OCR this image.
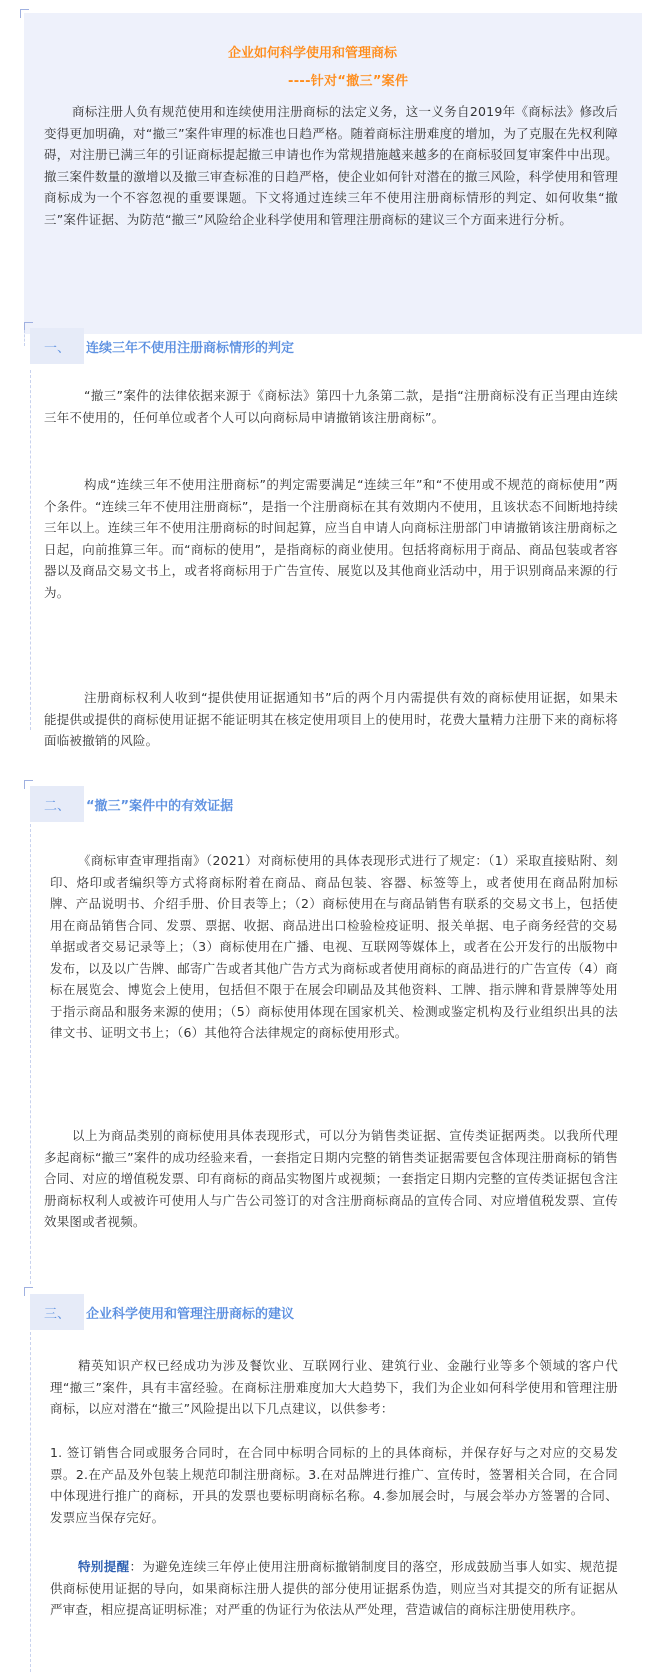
企业如何科学使用和管理商标
----针对“撤三”案件

商标注册人负有规范使用和连续使用注册商标的法定义务，这一义务自2019年《商标法》修改后变得更加明确，对“撤三”案件审理的标准也日趋严格。随着商标注册难度的增加，为了克服在先权利障碍，对注册已满三年的引证商标提起撤三申请也作为常规措施越来越多的在商标驳回复审案件中出现。撤三案件数量的激增以及撤三审查标准的日趋严格，使企业如何针对潜在的撤三风险，科学使用和管理商标成为一个不容忽视的重要课题。下文将通过连续三年不使用注册商标情形的判定、如何收集“撤三”案件证据、为防范“撤三”风险给企业科学使用和管理注册商标的建议三个方面来进行分析。

一、	连续三年不使用注册商标情形的判定

“撤三”案件的法律依据来源于《商标法》第四十九条第二款，是指“注册商标没有正当理由连续三年不使用的，任何单位或者个人可以向商标局申请撤销该注册商标”。

构成“连续三年不使用注册商标”的判定需要满足“连续三年”和“不使用或不规范的商标使用”两个条件。“连续三年不使用注册商标”，是指一个注册商标在其有效期内不使用，且该状态不间断地持续三年以上。连续三年不使用注册商标的时间起算，应当自申请人向商标注册部门申请撤销该注册商标之日起，向前推算三年。而“商标的使用”，是指商标的商业使用。包括将商标用于商品、商品包装或者容器以及商品交易文书上，或者将商标用于广告宣传、展览以及其他商业活动中，用于识别商品来源的行为。

注册商标权利人收到“提供使用证据通知书”后的两个月内需提供有效的商标使用证据，如果未能提供或提供的商标使用证据不能证明其在核定使用项目上的使用时，花费大量精力注册下来的商标将面临被撤销的风险。

二、	“撤三”案件中的有效证据

《商标审查审理指南》（2021）对商标使用的具体表现形式进行了规定：（1）采取直接贴附、刻印、烙印或者编织等方式将商标附着在商品、商品包装、容器、标签等上，或者使用在商品附加标牌、产品说明书、介绍手册、价目表等上；（2）商标使用在与商品销售有联系的交易文书上，包括使用在商品销售合同、发票、票据、收据、商品进出口检验检疫证明、报关单据、电子商务经营的交易单据或者交易记录等上；（3）商标使用在广播、电视、互联网等媒体上，或者在公开发行的出版物中发布，以及以广告牌、邮寄广告或者其他广告方式为商标或者使用商标的商品进行的广告宣传（4）商标在展览会、博览会上使用，包括但不限于在展会印刷品及其他资料、工牌、指示牌和背景牌等处用于指示商品和服务来源的使用；（5）商标使用体现在国家机关、检测或鉴定机构及行业组织出具的法律文书、证明文书上；（6）其他符合法律规定的商标使用形式。

以上为商品类别的商标使用具体表现形式，可以分为销售类证据、宣传类证据两类。以我所代理多起商标“撤三”案件的成功经验来看，一套指定日期内完整的销售类证据需要包含体现注册商标的销售合同、对应的增值税发票、印有商标的商品实物图片或视频；一套指定日期内完整的宣传类证据包含注册商标权利人或被许可使用人与广告公司签订的对含注册商标商品的宣传合同、对应增值税发票、宣传效果图或者视频。

三、	企业科学使用和管理注册商标的建议

精英知识产权已经成功为涉及餐饮业、互联网行业、建筑行业、金融行业等多个领域的客户代理“撤三”案件，具有丰富经验。在商标注册难度加大大趋势下，我们为企业如何科学使用和管理注册商标，以应对潜在“撤三”风险提出以下几点建议，以供参考：

1. 签订销售合同或服务合同时，在合同中标明合同标的上的具体商标，并保存好与之对应的交易发票。2.在产品及外包装上规范印制注册商标。3.在对品牌进行推广、宣传时，签署相关合同，在合同中体现进行推广的商标，开具的发票也要标明商标名称。4.参加展会时，与展会举办方签署的合同、发票应当保存完好。

特别提醒：为避免连续三年停止使用注册商标撤销制度目的落空，形成鼓励当事人如实、规范提供商标使用证据的导向，如果商标注册人提供的部分使用证据系伪造，则应当对其提交的所有证据从严审查，相应提高证明标准；对严重的伪证行为依法从严处理，营造诚信的商标注册使用秩序。
